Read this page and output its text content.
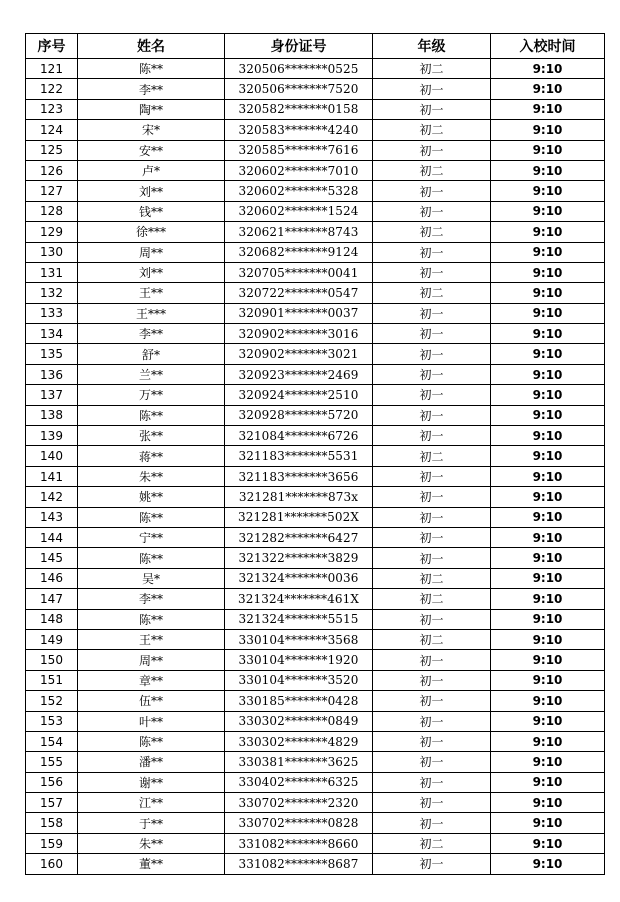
序号	姓名	身份证号	年级	入校时间
121	陈**	320506*******0525	初二	9:10
122	李**	320506*******7520	初一	9:10
123	陶**	320582*******0158	初一	9:10
124	宋*	320583*******4240	初二	9:10
125	安**	320585*******7616	初一	9:10
126	卢*	320602*******7010	初二	9:10
127	刘**	320602*******5328	初一	9:10
128	钱**	320602*******1524	初一	9:10
129	徐***	320621*******8743	初二	9:10
130	周**	320682*******9124	初一	9:10
131	刘**	320705*******0041	初一	9:10
132	王**	320722*******0547	初二	9:10
133	王***	320901*******0037	初一	9:10
134	李**	320902*******3016	初一	9:10
135	舒*	320902*******3021	初一	9:10
136	兰**	320923*******2469	初一	9:10
137	万**	320924*******2510	初一	9:10
138	陈**	320928*******5720	初一	9:10
139	张**	321084*******6726	初一	9:10
140	蒋**	321183*******5531	初二	9:10
141	朱**	321183*******3656	初一	9:10
142	姚**	321281*******873x	初一	9:10
143	陈**	321281*******502X	初一	9:10
144	宁**	321282*******6427	初一	9:10
145	陈**	321322*******3829	初一	9:10
146	吴*	321324*******0036	初二	9:10
147	李**	321324*******461X	初二	9:10
148	陈**	321324*******5515	初一	9:10
149	王**	330104*******3568	初二	9:10
150	周**	330104*******1920	初一	9:10
151	章**	330104*******3520	初一	9:10
152	伍**	330185*******0428	初一	9:10
153	叶**	330302*******0849	初一	9:10
154	陈**	330302*******4829	初一	9:10
155	潘**	330381*******3625	初一	9:10
156	谢**	330402*******6325	初一	9:10
157	江**	330702*******2320	初一	9:10
158	于**	330702*******0828	初一	9:10
159	朱**	331082*******8660	初二	9:10
160	董**	331082*******8687	初一	9:10
